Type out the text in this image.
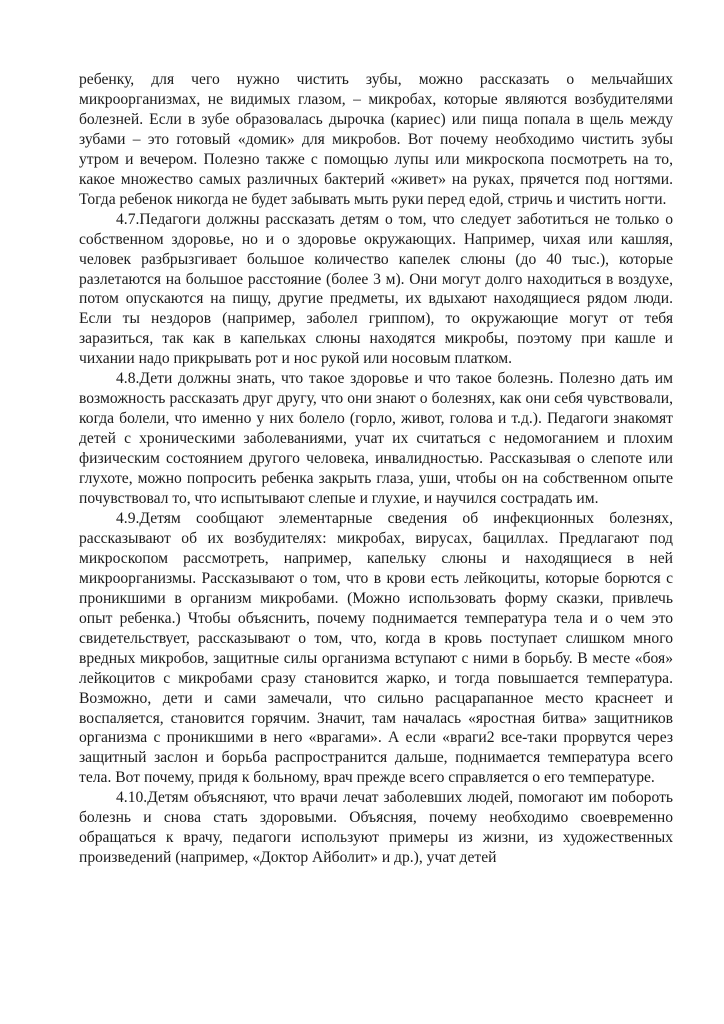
ребенку, для чего нужно чистить зубы, можно рассказать о мельчайших микроорганизмах, не видимых глазом, – микробах, которые являются возбудителями болезней. Если в зубе образовалась дырочка (кариес) или пища попала в щель между зубами – это готовый «домик» для микробов. Вот почему необходимо чистить зубы утром и вечером. Полезно также с помощью лупы или микроскопа посмотреть на то, какое множество самых различных бактерий «живет» на руках, прячется под ногтями. Тогда ребенок никогда не будет забывать мыть руки перед едой, стричь и чистить ногти.

4.7.Педагоги должны рассказать детям о том, что следует заботиться не только о собственном здоровье, но и о здоровье окружающих. Например, чихая или кашляя, человек разбрызгивает большое количество капелек слюны (до 40 тыс.), которые разлетаются на большое расстояние (более 3 м). Они могут долго находиться в воздухе, потом опускаются на пищу, другие предметы, их вдыхают находящиеся рядом люди. Если ты нездоров (например, заболел гриппом), то окружающие могут от тебя заразиться, так как в капельках слюны находятся микробы, поэтому при кашле и чихании надо прикрывать рот и нос рукой или носовым платком.

4.8.Дети должны знать, что такое здоровье и что такое болезнь. Полезно дать им возможность рассказать друг другу, что они знают о болезнях, как они себя чувствовали, когда болели, что именно у них болело (горло, живот, голова и т.д.). Педагоги знакомят детей с хроническими заболеваниями, учат их считаться с недомоганием и плохим физическим состоянием другого человека, инвалидностью. Рассказывая о слепоте или глухоте, можно попросить ребенка закрыть глаза, уши, чтобы он на собственном опыте почувствовал то, что испытывают слепые и глухие, и научился сострадать им.

4.9.Детям сообщают элементарные сведения об инфекционных болезнях, рассказывают об их возбудителях: микробах, вирусах, бациллах. Предлагают под микроскопом рассмотреть, например, капельку слюны и находящиеся в ней микроорганизмы. Рассказывают о том, что в крови есть лейкоциты, которые борются с проникшими в организм микробами. (Можно использовать форму сказки, привлечь опыт ребенка.) Чтобы объяснить, почему поднимается температура тела и о чем это свидетельствует, рассказывают о том, что, когда в кровь поступает слишком много вредных микробов, защитные силы организма вступают с ними в борьбу. В месте «боя» лейкоцитов с микробами сразу становится жарко, и тогда повышается температура. Возможно, дети и сами замечали, что сильно расцарапанное место краснеет и воспаляется, становится горячим. Значит, там началась «яростная битва» защитников организма с проникшими в него «врагами». А если «враги2 все-таки прорвутся через защитный заслон и борьба распространится дальше, поднимается температура всего тела. Вот почему, придя к больному, врач прежде всего справляется о его температуре.

4.10.Детям объясняют, что врачи лечат заболевших людей, помогают им побороть болезнь и снова стать здоровыми. Объясняя, почему необходимо своевременно обращаться к врачу, педагоги используют примеры из жизни, из художественных произведений (например, «Доктор Айболит» и др.), учат детей
